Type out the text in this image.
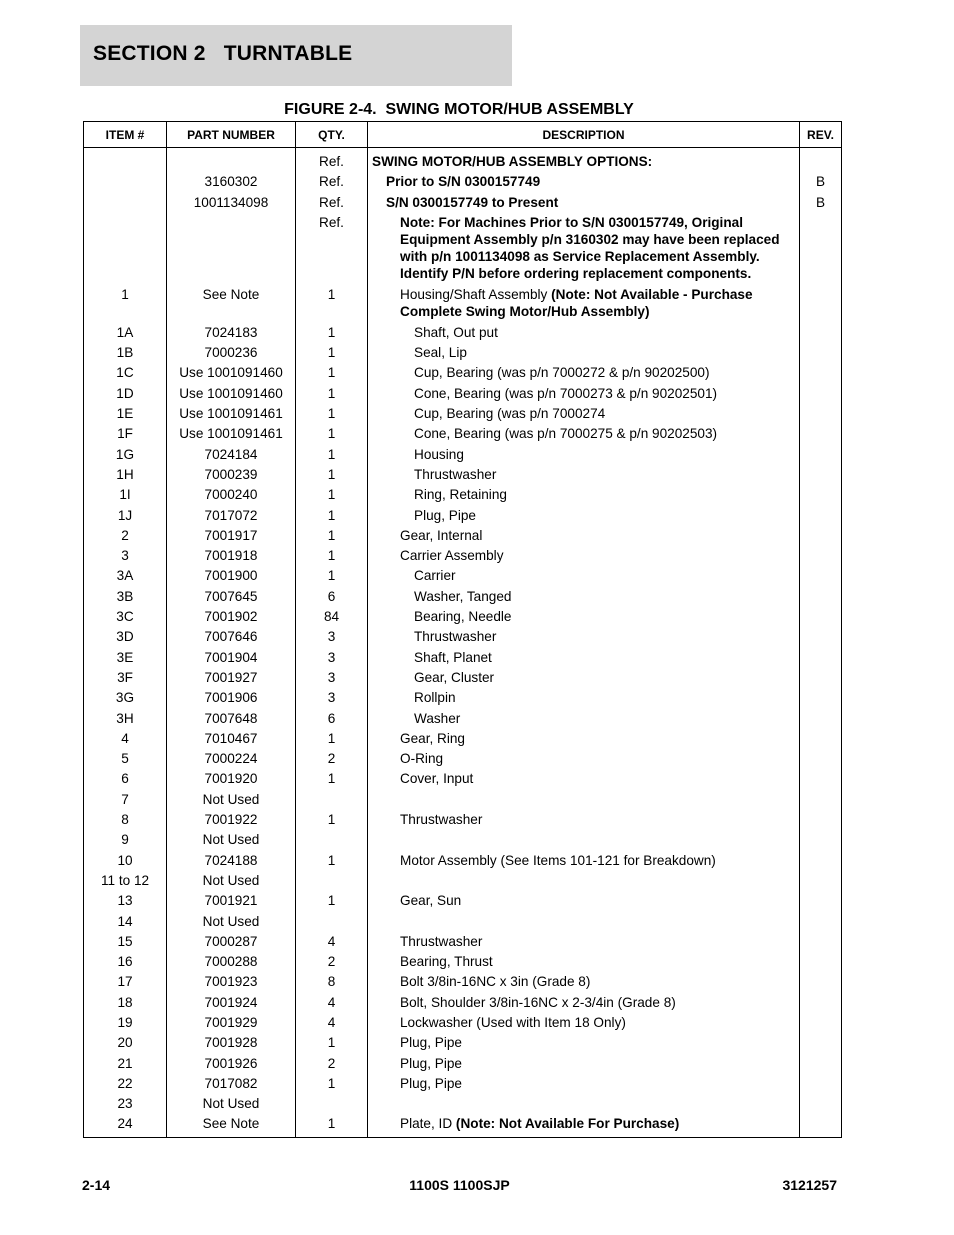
SECTION 2   TURNTABLE
FIGURE 2-4.  SWING MOTOR/HUB ASSEMBLY
ITEM #	PART NUMBER	QTY.	DESCRIPTION	REV.
		Ref.	SWING MOTOR/HUB ASSEMBLY OPTIONS:	

	3160302	Ref.	Prior to S/N 0300157749	B
	1001134098	Ref.	S/N 0300157749 to Present	B
		Ref.	Note: For Machines Prior to S/N 0300157749, Original Equipment Assembly p/n 3160302 may have been replaced with p/n 1001134098 as Service Replacement Assembly. Identify P/N before ordering replacement components.	

1	See Note	1	Housing/Shaft Assembly (Note: Not Available - Purchase Complete Swing Motor/Hub Assembly)	

1A	7024183	1	Shaft, Out put	

1B	7000236	1	Seal, Lip	

1C	Use 1001091460	1	Cup, Bearing (was p/n 7000272 & p/n 90202500)	

1D	Use 1001091460	1	Cone, Bearing (was p/n 7000273 & p/n 90202501)	

1E	Use 1001091461	1	Cup, Bearing (was p/n 7000274	

1F	Use 1001091461	1	Cone, Bearing (was p/n 7000275 & p/n 90202503)	

1G	7024184	1	Housing	

1H	7000239	1	Thrustwasher	

1I	7000240	1	Ring, Retaining	

1J	7017072	1	Plug, Pipe	

2	7001917	1	Gear, Internal	

3	7001918	1	Carrier Assembly	

3A	7001900	1	Carrier	

3B	7007645	6	Washer, Tanged	

3C	7001902	84	Bearing, Needle	

3D	7007646	3	Thrustwasher	

3E	7001904	3	Shaft, Planet	

3F	7001927	3	Gear, Cluster	

3G	7001906	3	Rollpin	

3H	7007648	6	Washer	

4	7010467	1	Gear, Ring	

5	7000224	2	O-Ring	

6	7001920	1	Cover, Input	

7	Not Used		

8	7001922	1	Thrustwasher	

9	Not Used		

10	7024188	1	Motor Assembly (See Items 101-121 for Breakdown)	

11 to 12	Not Used		

13	7001921	1	Gear, Sun	

14	Not Used		

15	7000287	4	Thrustwasher	

16	7000288	2	Bearing, Thrust	

17	7001923	8	Bolt 3/8in-16NC x 3in (Grade 8)	

18	7001924	4	Bolt, Shoulder 3/8in-16NC x 2-3/4in (Grade 8)	

19	7001929	4	Lockwasher (Used with Item 18 Only)	

20	7001928	1	Plug, Pipe	

21	7001926	2	Plug, Pipe	

22	7017082	1	Plug, Pipe	

23	Not Used		

24	See Note	1	Plate, ID (Note: Not Available For Purchase)	

2-14	1100S 1100SJP	3121257
